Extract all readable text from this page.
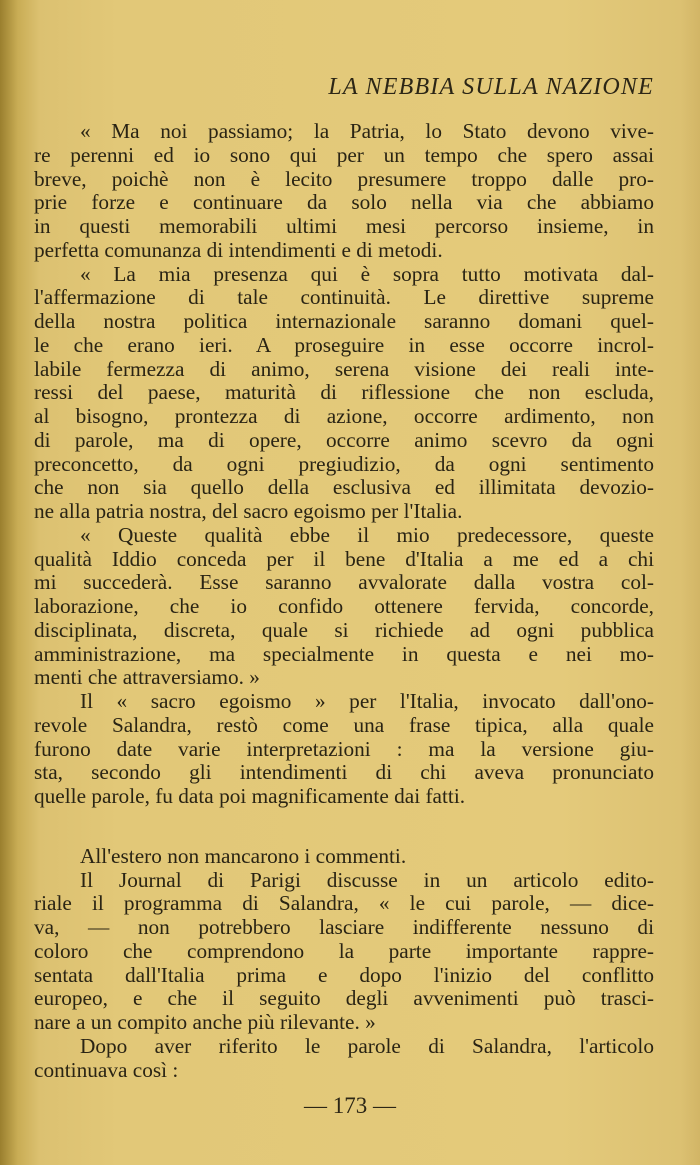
LA NEBBIA SULLA NAZIONE
« Ma noi passiamo; la Patria, lo Stato devono vive-
re perenni ed io sono qui per un tempo che spero assai
breve, poichè non è lecito presumere troppo dalle pro-
prie forze e continuare da solo nella via che abbiamo
in questi memorabili ultimi mesi percorso insieme, in
perfetta comunanza di intendimenti e di metodi.
« La mia presenza qui è sopra tutto motivata dal-
l'affermazione di tale continuità. Le direttive supreme
della nostra politica internazionale saranno domani quel-
le che erano ieri. A proseguire in esse occorre incrol-
labile fermezza di animo, serena visione dei reali inte-
ressi del paese, maturità di riflessione che non escluda,
al bisogno, prontezza di azione, occorre ardimento, non
di parole, ma di opere, occorre animo scevro da ogni
preconcetto, da ogni pregiudizio, da ogni sentimento
che non sia quello della esclusiva ed illimitata devozio-
ne alla patria nostra, del sacro egoismo per l'Italia.
« Queste qualità ebbe il mio predecessore, queste
qualità Iddio conceda per il bene d'Italia a me ed a chi
mi succederà. Esse saranno avvalorate dalla vostra col-
laborazione, che io confido ottenere fervida, concorde,
disciplinata, discreta, quale si richiede ad ogni pubblica
amministrazione, ma specialmente in questa e nei mo-
menti che attraversiamo. »
Il « sacro egoismo » per l'Italia, invocato dall'ono-
revole Salandra, restò come una frase tipica, alla quale
furono date varie interpretazioni : ma la versione giu-
sta, secondo gli intendimenti di chi aveva pronunciato
quelle parole, fu data poi magnificamente dai fatti.
All'estero non mancarono i commenti.
Il Journal di Parigi discusse in un articolo edito-
riale il programma di Salandra, « le cui parole, — dice-
va, — non potrebbero lasciare indifferente nessuno di
coloro che comprendono la parte importante rappre-
sentata dall'Italia prima e dopo l'inizio del conflitto
europeo, e che il seguito degli avvenimenti può trasci-
nare a un compito anche più rilevante. »
Dopo aver riferito le parole di Salandra, l'articolo
continuava così :
— 173 —
